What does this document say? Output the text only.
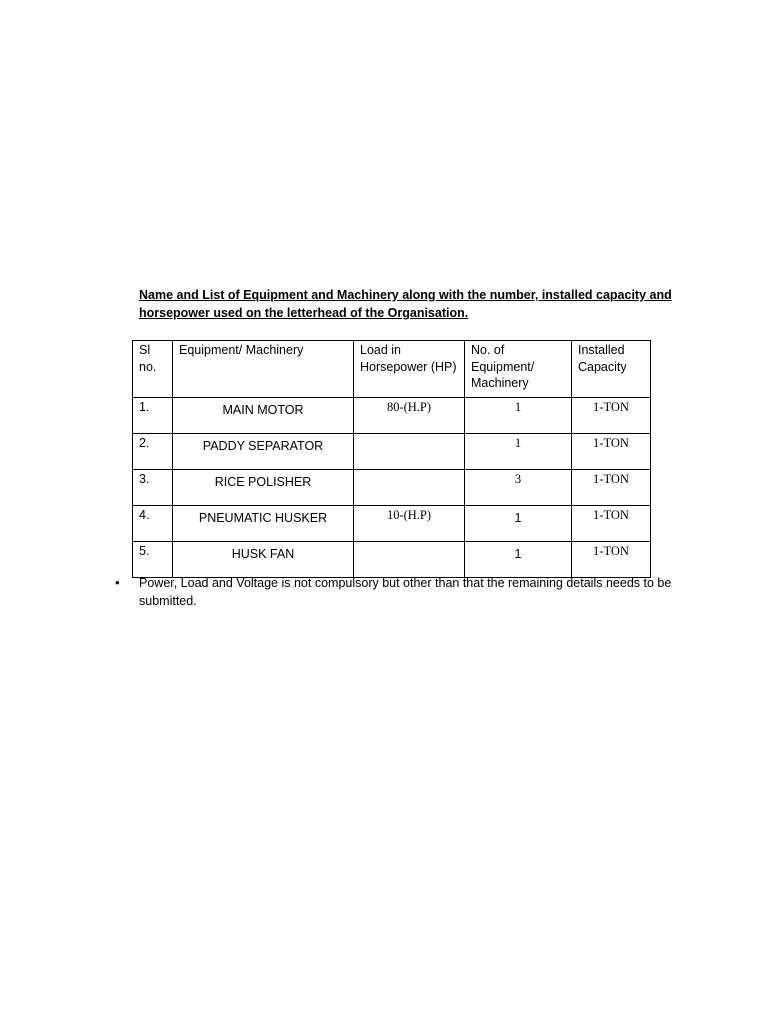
Name and List of Equipment and Machinery along with the number, installed capacity and horsepower used on the letterhead of the Organisation.

Sl no.	Equipment/ Machinery	Load in Horsepower (HP)	No. of Equipment/ Machinery	Installed Capacity
1.	MAIN MOTOR	80-(H.P)	1	1-TON
2.	PADDY SEPARATOR		1	1-TON
3.	RICE POLISHER		3	1-TON
4.	PNEUMATIC HUSKER	10-(H.P)	1	1-TON
5.	HUSK FAN		1	1-TON
•	Power, Load and Voltage is not compulsory but other than that the remaining details needs to be submitted.
